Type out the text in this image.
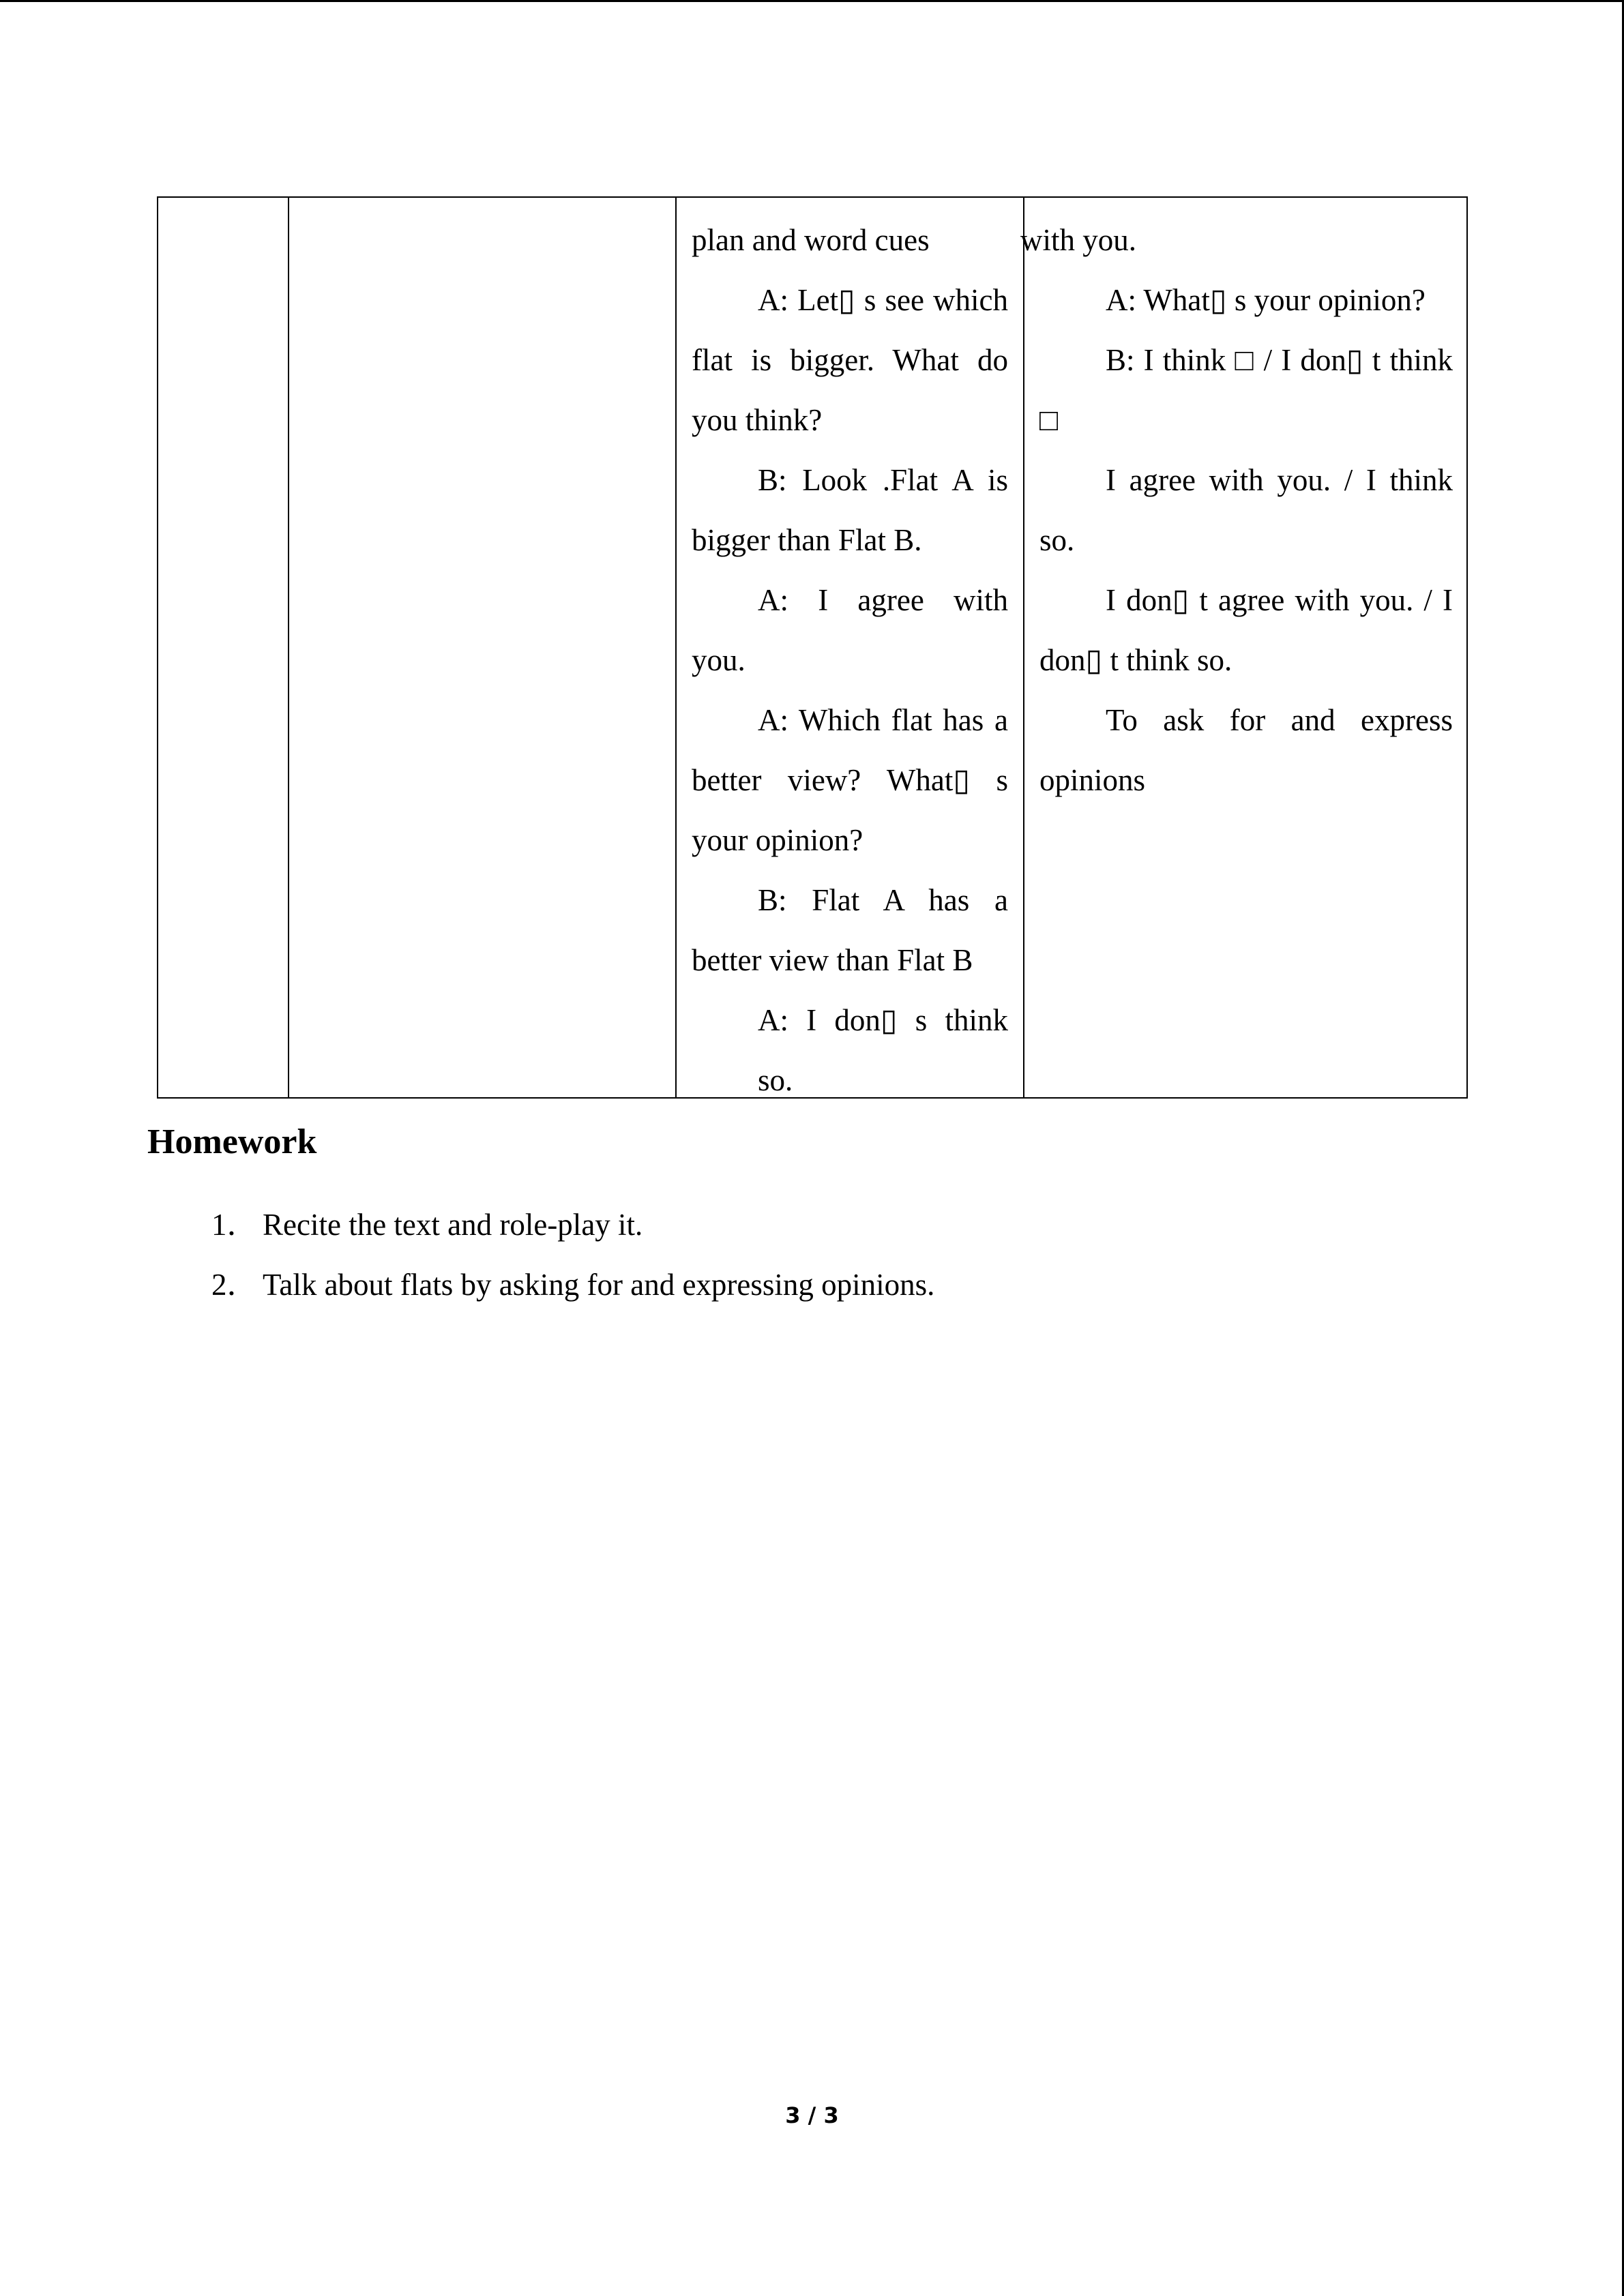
plan and word cues
A: Let▯ s see which
flat is bigger. What do
you think?
B: Look .Flat A is
bigger than Flat B.
A: I agree with
you.
A: Which flat has a
better view? What▯ s
your opinion?
B: Flat A has a
better view than Flat B
A: I don▯ s think so.
with you.
A: What▯ s your opinion?
B: I think □ / I don▯ t think
□
I agree with you. / I think
so.
I don▯ t agree with you. / I
don▯ t think so.
To ask for and express
opinions
Homework
1． Recite the text and role-play it.
2． Talk about flats by asking for and expressing opinions.
3 / 3
